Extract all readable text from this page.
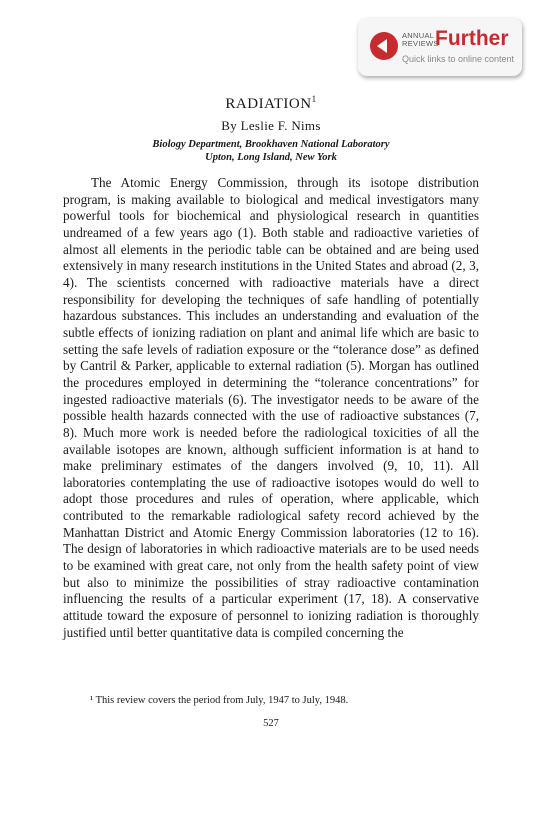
ANNUAL REVIEWS
Further
Quick links to online content
RADIATION$^1$
By Leslie F. Nims
Biology Department, Brookhaven National Laboratory
Upton, Long Island, New York

The Atomic Energy Commission, through its isotope distribution program, is making available to biological and medical investigators many powerful tools for biochemical and physiological research in quantities undreamed of a few years ago (1). Both stable and radioactive varieties of almost all elements in the periodic table can be obtained and are being used extensively in many research institutions in the United States and abroad (2, 3, 4). The scientists concerned with radioactive materials have a direct responsibility for developing the techniques of safe handling of potentially hazardous substances. This includes an understanding and evaluation of the subtle effects of ionizing radiation on plant and animal life which are basic to setting the safe levels of radiation exposure or the “tolerance dose” as defined by Cantril & Parker, applicable to external radiation (5). Morgan has outlined the procedures employed in determining the “tolerance concentrations” for ingested radioactive materials (6). The investigator needs to be aware of the possible health hazards connected with the use of radioactive substances (7, 8). Much more work is needed before the radiological toxicities of all the available isotopes are known, although sufficient information is at hand to make preliminary estimates of the dangers involved (9, 10, 11). All laboratories contemplating the use of radioactive isotopes would do well to adopt those procedures and rules of operation, where applicable, which contributed to the remarkable radiological safety record achieved by the Manhattan District and Atomic Energy Commission laboratories (12 to 16). The design of laboratories in which radioactive materials are to be used needs to be examined with great care, not only from the health safety point of view but also to minimize the possibilities of stray radioactive contamination influencing the results of a particular experiment (17, 18). A conservative attitude toward the exposure of personnel to ionizing radiation is thoroughly justified until better quantitative data is compiled concerning the

¹ This review covers the period from July, 1947 to July, 1948.
527
